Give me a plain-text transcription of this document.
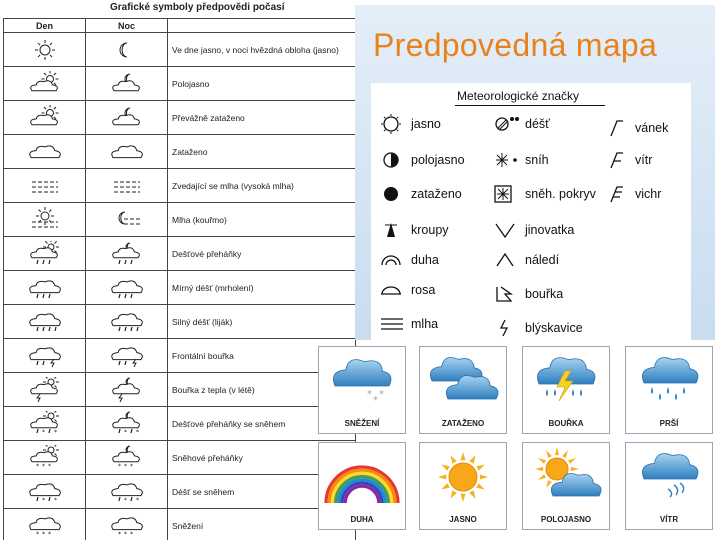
Grafické symboly předpovědi počasí
Den	Noc		
		Ve dne jasno, v noci hvězdná obloha (jasno)	
		Polojasno	
		Převážně zataženo	
		Zataženo	
		Zvedající se mlha (vysoká mlha)	
		Mlha (kouřmo)	
		Dešťové přeháňky	
		Mírný déšť (mrholení)	
		Silný déšť (liják)	
		Frontální bouřka	
		Bouřka z tepla (v létě)	

* *	* *	Dešťové přeháňky se sněhem	

* * *	* * *	Sněhové přeháňky	

* *	* *	Déšť se sněhem	

* * *	* * *	Sněžení	
Predpovedná mapa
Meteorologické značky
jasno
polojasno
zataženo
kroupy
duha
rosa
mlha
déšť
sníh
sněh. pokryv
jinovatka
náledí
bouřka
blýskavice
vánek
vítr
vichr
*
*
*
SNĚŽENÍ	ZATAŽENO	BOUŘKA	PRŠÍ
DUHA	JASNO	POLOJASNO	VÍTR
